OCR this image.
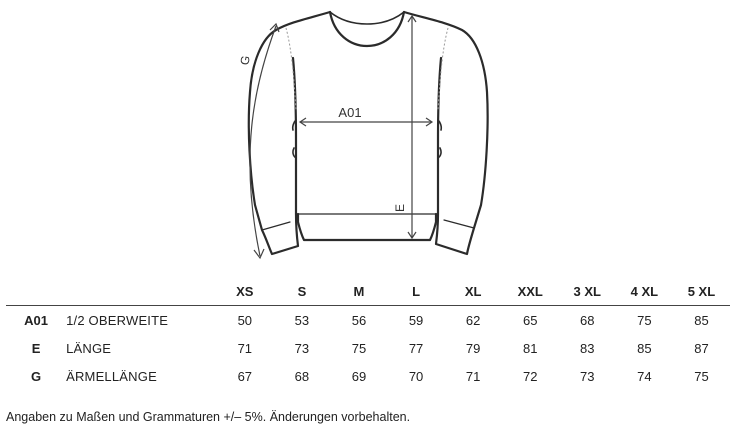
A01
E
G
		XS	S	M	L	XL	XXL	3 XL	4 XL	5 XL
A01	1/2 OBERWEITE	50	53	56	59	62	65	68	75	85
E	LÄNGE	71	73	75	77	79	81	83	85	87
G	ÄRMELLÄNGE	67	68	69	70	71	72	73	74	75
Angaben zu Maßen und Grammaturen +/– 5%. Änderungen vorbehalten.
